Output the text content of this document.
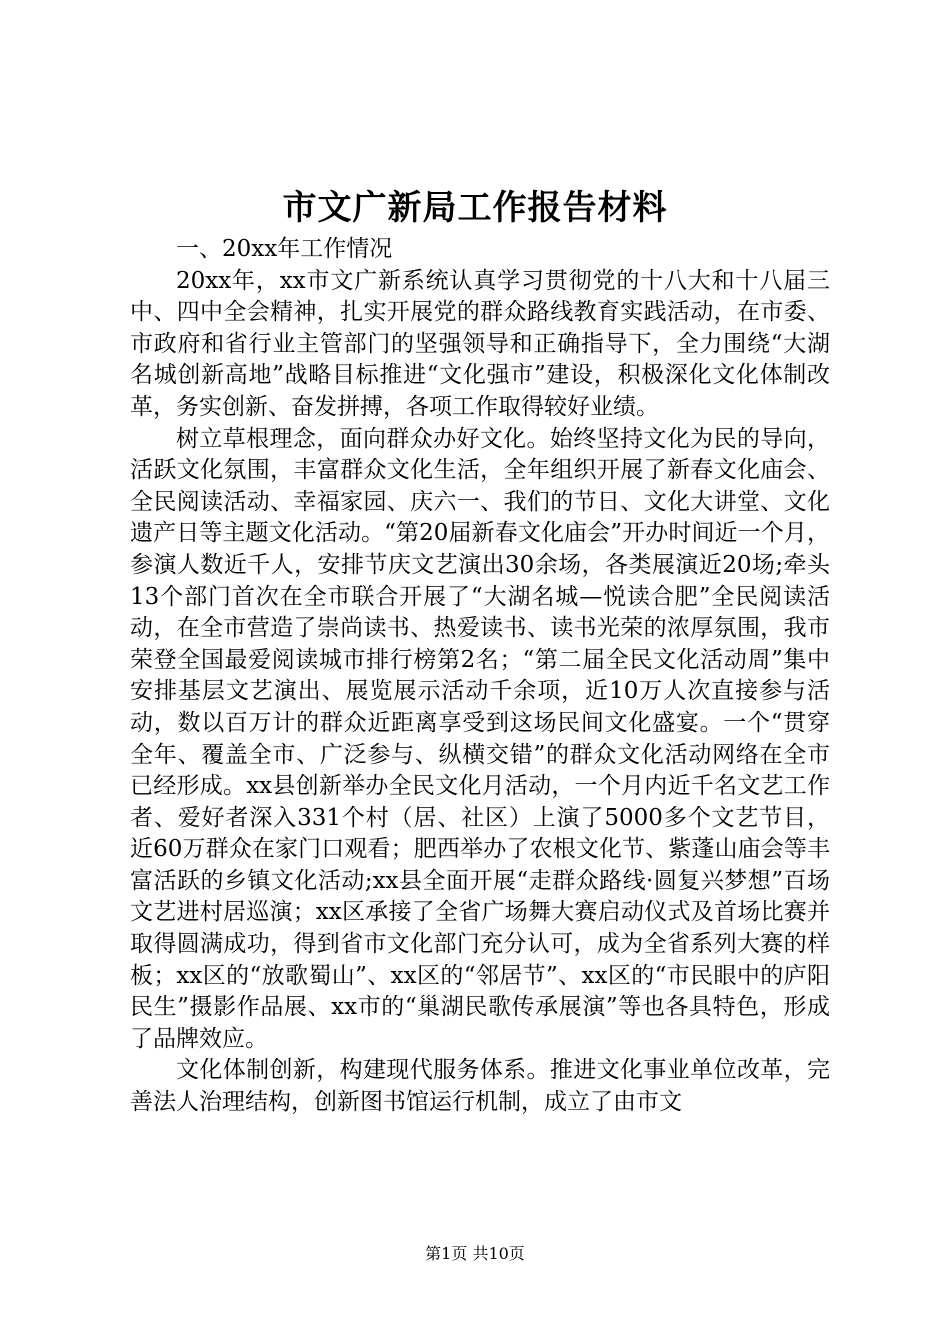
市文广新局工作报告材料

一、20xx年工作情况

20xx年，xx市文广新系统认真学习贯彻党的十八大和十八届三中、四中全会精神，扎实开展党的群众路线教育实践活动，在市委、市政府和省行业主管部门的坚强领导和正确指导下，全力围绕“大湖名城创新高地”战略目标推进“文化强市”建设，积极深化文化体制改革，务实创新、奋发拼搏，各项工作取得较好业绩。

树立草根理念，面向群众办好文化。始终坚持文化为民的导向，活跃文化氛围，丰富群众文化生活，全年组织开展了新春文化庙会、全民阅读活动、幸福家园、庆六一、我们的节日、文化大讲堂、文化遗产日等主题文化活动。“第20届新春文化庙会”开办时间近一个月，参演人数近千人，安排节庆文艺演出30余场，各类展演近20场;牵头13个部门首次在全市联合开展了“大湖名城—悦读合肥”全民阅读活动，在全市营造了崇尚读书、热爱读书、读书光荣的浓厚氛围，我市荣登全国最爱阅读城市排行榜第2名；“第二届全民文化活动周”集中安排基层文艺演出、展览展示活动千余项，近10万人次直接参与活动，数以百万计的群众近距离享受到这场民间文化盛宴。一个“贯穿全年、覆盖全市、广泛参与、纵横交错”的群众文化活动网络在全市已经形成。xx县创新举办全民文化月活动，一个月内近千名文艺工作者、爱好者深入331个村（居、社区）上演了5000多个文艺节目，近60万群众在家门口观看；肥西举办了农根文化节、紫蓬山庙会等丰富活跃的乡镇文化活动;xx县全面开展“走群众路线·圆复兴梦想”百场文艺进村居巡演；xx区承接了全省广场舞大赛启动仪式及首场比赛并取得圆满成功，得到省市文化部门充分认可，成为全省系列大赛的样板；xx区的“放歌蜀山”、xx区的“邻居节”、xx区的“市民眼中的庐阳民生”摄影作品展、xx市的“巢湖民歌传承展演”等也各具特色，形成了品牌效应。

文化体制创新，构建现代服务体系。推进文化事业单位改革，完善法人治理结构，创新图书馆运行机制，成立了由市文

第1页 共10页
